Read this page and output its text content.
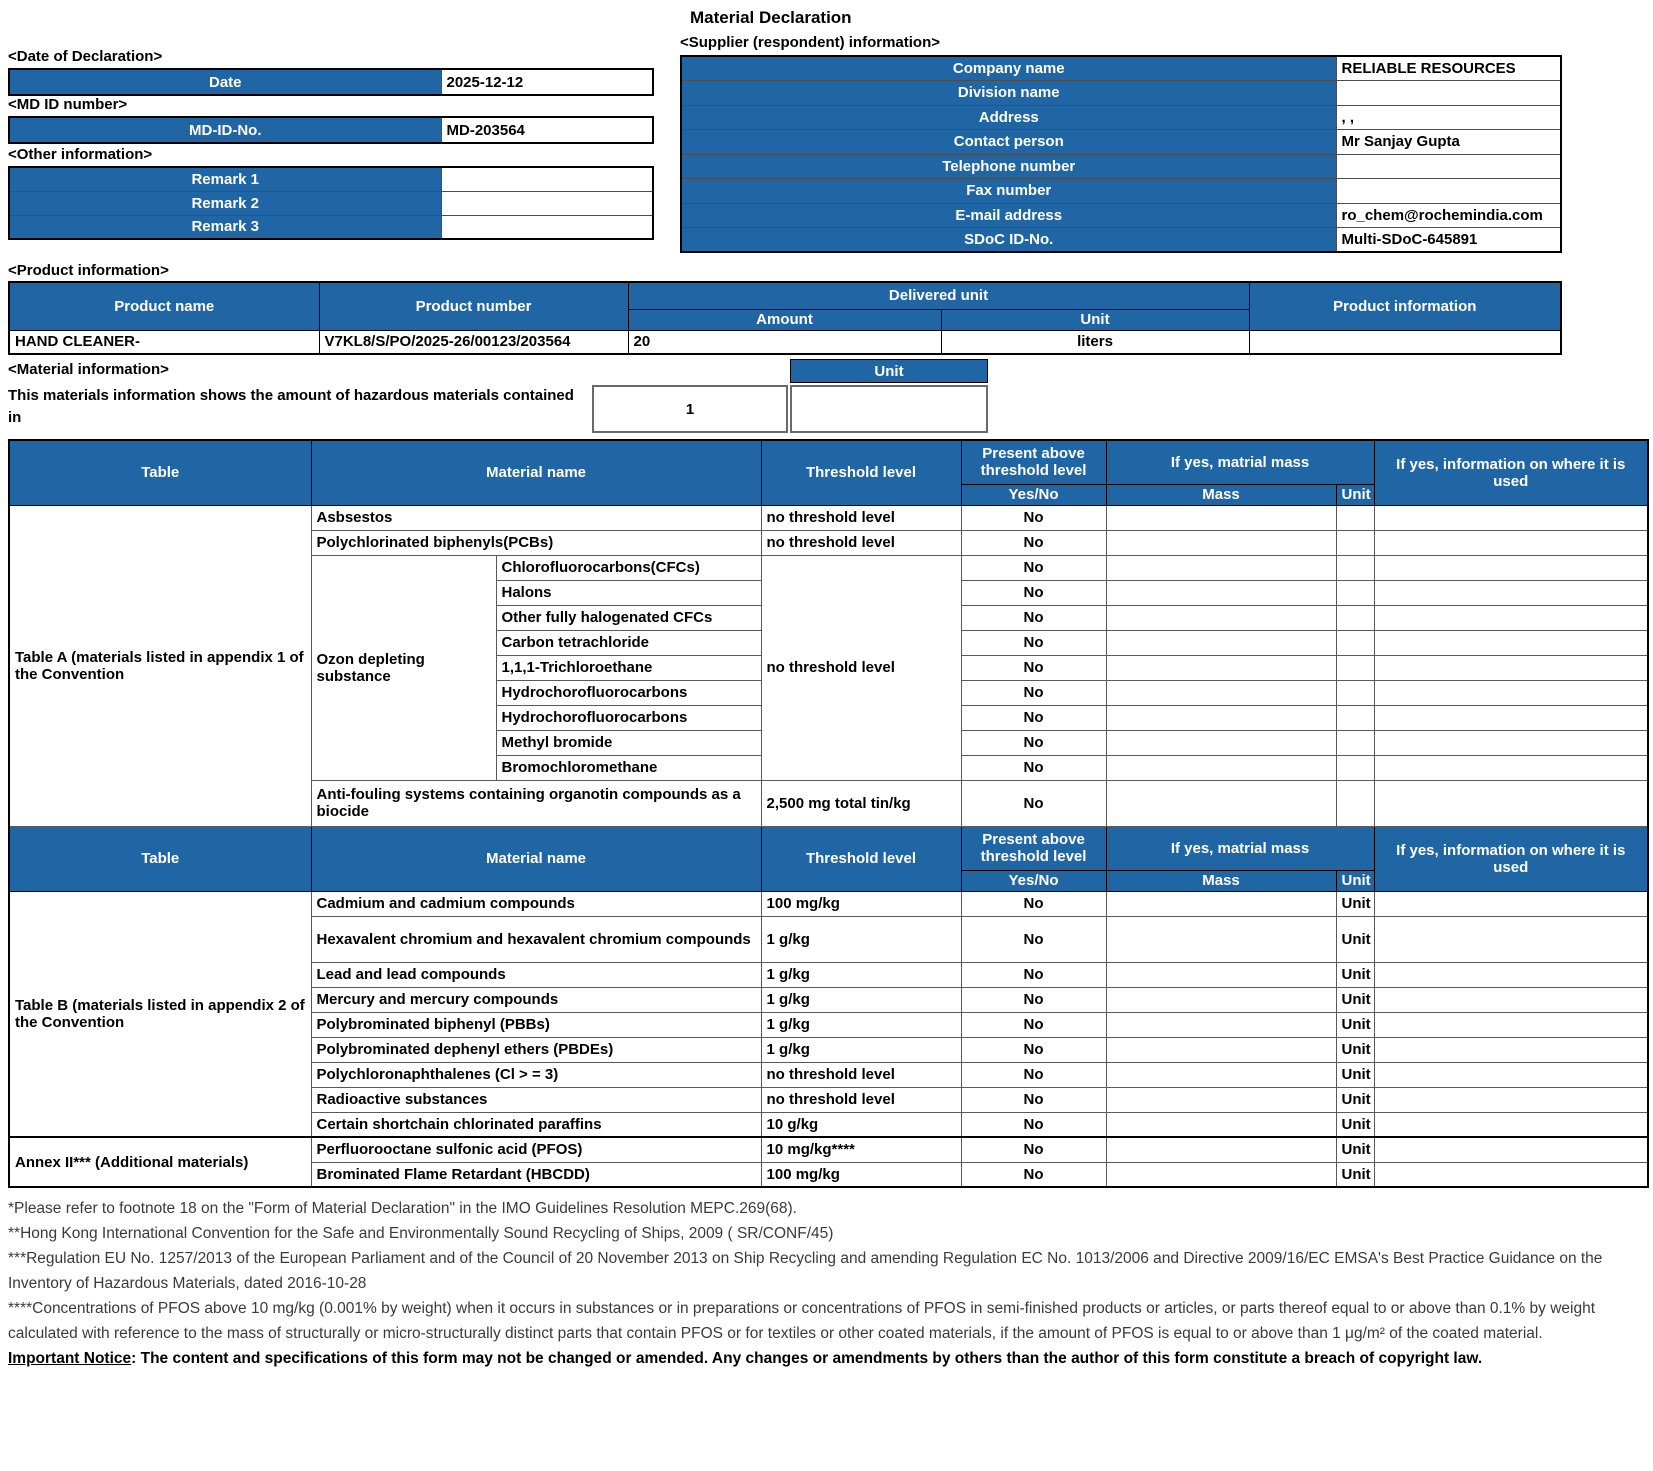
Material Declaration
<Date of Declaration>
Date	2025-12-12
<MD ID number>
MD-ID-No.	MD-203564
<Other information>
Remark 1	
Remark 2	
Remark 3	
<Supplier (respondent) information>
Company name	RELIABLE RESOURCES
Division name	
Address	, ,
Contact person	Mr Sanjay Gupta
Telephone number	
Fax number	
E-mail address	ro_chem@rochemindia.com
SDoC ID-No.	Multi-SDoC-645891
<Product information>
Product name	Product number	Delivered unit		Product information
		Amount	Unit	
HAND CLEANER-	V7KL8/S/PO/2025-26/00123/203564	20	liters	
<Material information>
This materials information shows the amount of hazardous materials contained in	1
Unit
Table	Material name		Threshold level	Present above threshold level	If yes, matrial mass		If yes, information on where it is used
				Yes/No	Mass	Unit	
Table A (materials listed in appendix 1 of the Convention	Asbsestos		no threshold level	No			
	Polychlorinated biphenyls(PCBs)		no threshold level	No			
	Ozon depleting substance	Chlorofluorocarbons(CFCs)	no threshold level	No			
		Halons		No			
		Other fully halogenated CFCs		No			
		Carbon tetrachloride		No			
		1,1,1-Trichloroethane		No			
		Hydrochorofluorocarbons		No			
		Hydrochorofluorocarbons		No			
		Methyl bromide		No			
		Bromochloromethane		No			
	Anti-fouling systems containing organotin compounds as a biocide		2,500 mg total tin/kg	No			
Table	Material name		Threshold level	Present above threshold level	If yes, matrial mass		If yes, information on where it is used
				Yes/No	Mass	Unit	
Table B (materials listed in appendix 2 of the Convention	Cadmium and cadmium compounds		100 mg/kg	No		Unit	
	Hexavalent chromium and hexavalent chromium compounds		1 g/kg	No		Unit	
	Lead and lead compounds		1 g/kg	No		Unit	
	Mercury and mercury compounds		1 g/kg	No		Unit	
	Polybrominated biphenyl (PBBs)		1 g/kg	No		Unit	
	Polybrominated dephenyl ethers (PBDEs)		1 g/kg	No		Unit	
	Polychloronaphthalenes (Cl > = 3)		no threshold level	No		Unit	
	Radioactive substances		no threshold level	No		Unit	
	Certain shortchain chlorinated paraffins		10 g/kg	No		Unit	
Annex II*** (Additional materials)	Perfluorooctane sulfonic acid (PFOS)		10 mg/kg****	No		Unit	
	Brominated Flame Retardant (HBCDD)		100 mg/kg	No		Unit	
*Please refer to footnote 18 on the "Form of Material Declaration" in the IMO Guidelines Resolution MEPC.269(68).
**Hong Kong International Convention for the Safe and Environmentally Sound Recycling of Ships, 2009 ( SR/CONF/45)
***Regulation EU No. 1257/2013 of the European Parliament and of the Council of 20 November 2013 on Ship Recycling and amending Regulation EC No. 1013/2006 and Directive 2009/16/EC EMSA's Best Practice Guidance on the Inventory of Hazardous Materials, dated 2016-10-28
****Concentrations of PFOS above 10 mg/kg (0.001% by weight) when it occurs in substances or in preparations or concentrations of PFOS in semi-finished products or articles, or parts thereof equal to or above than 0.1% by weight calculated with reference to the mass of structurally or micro-structurally distinct parts that contain PFOS or for textiles or other coated materials, if the amount of PFOS is equal to or above than 1 μg/m² of the coated material.
Important Notice: The content and specifications of this form may not be changed or amended. Any changes or amendments by others than the author of this form constitute a breach of copyright law.
